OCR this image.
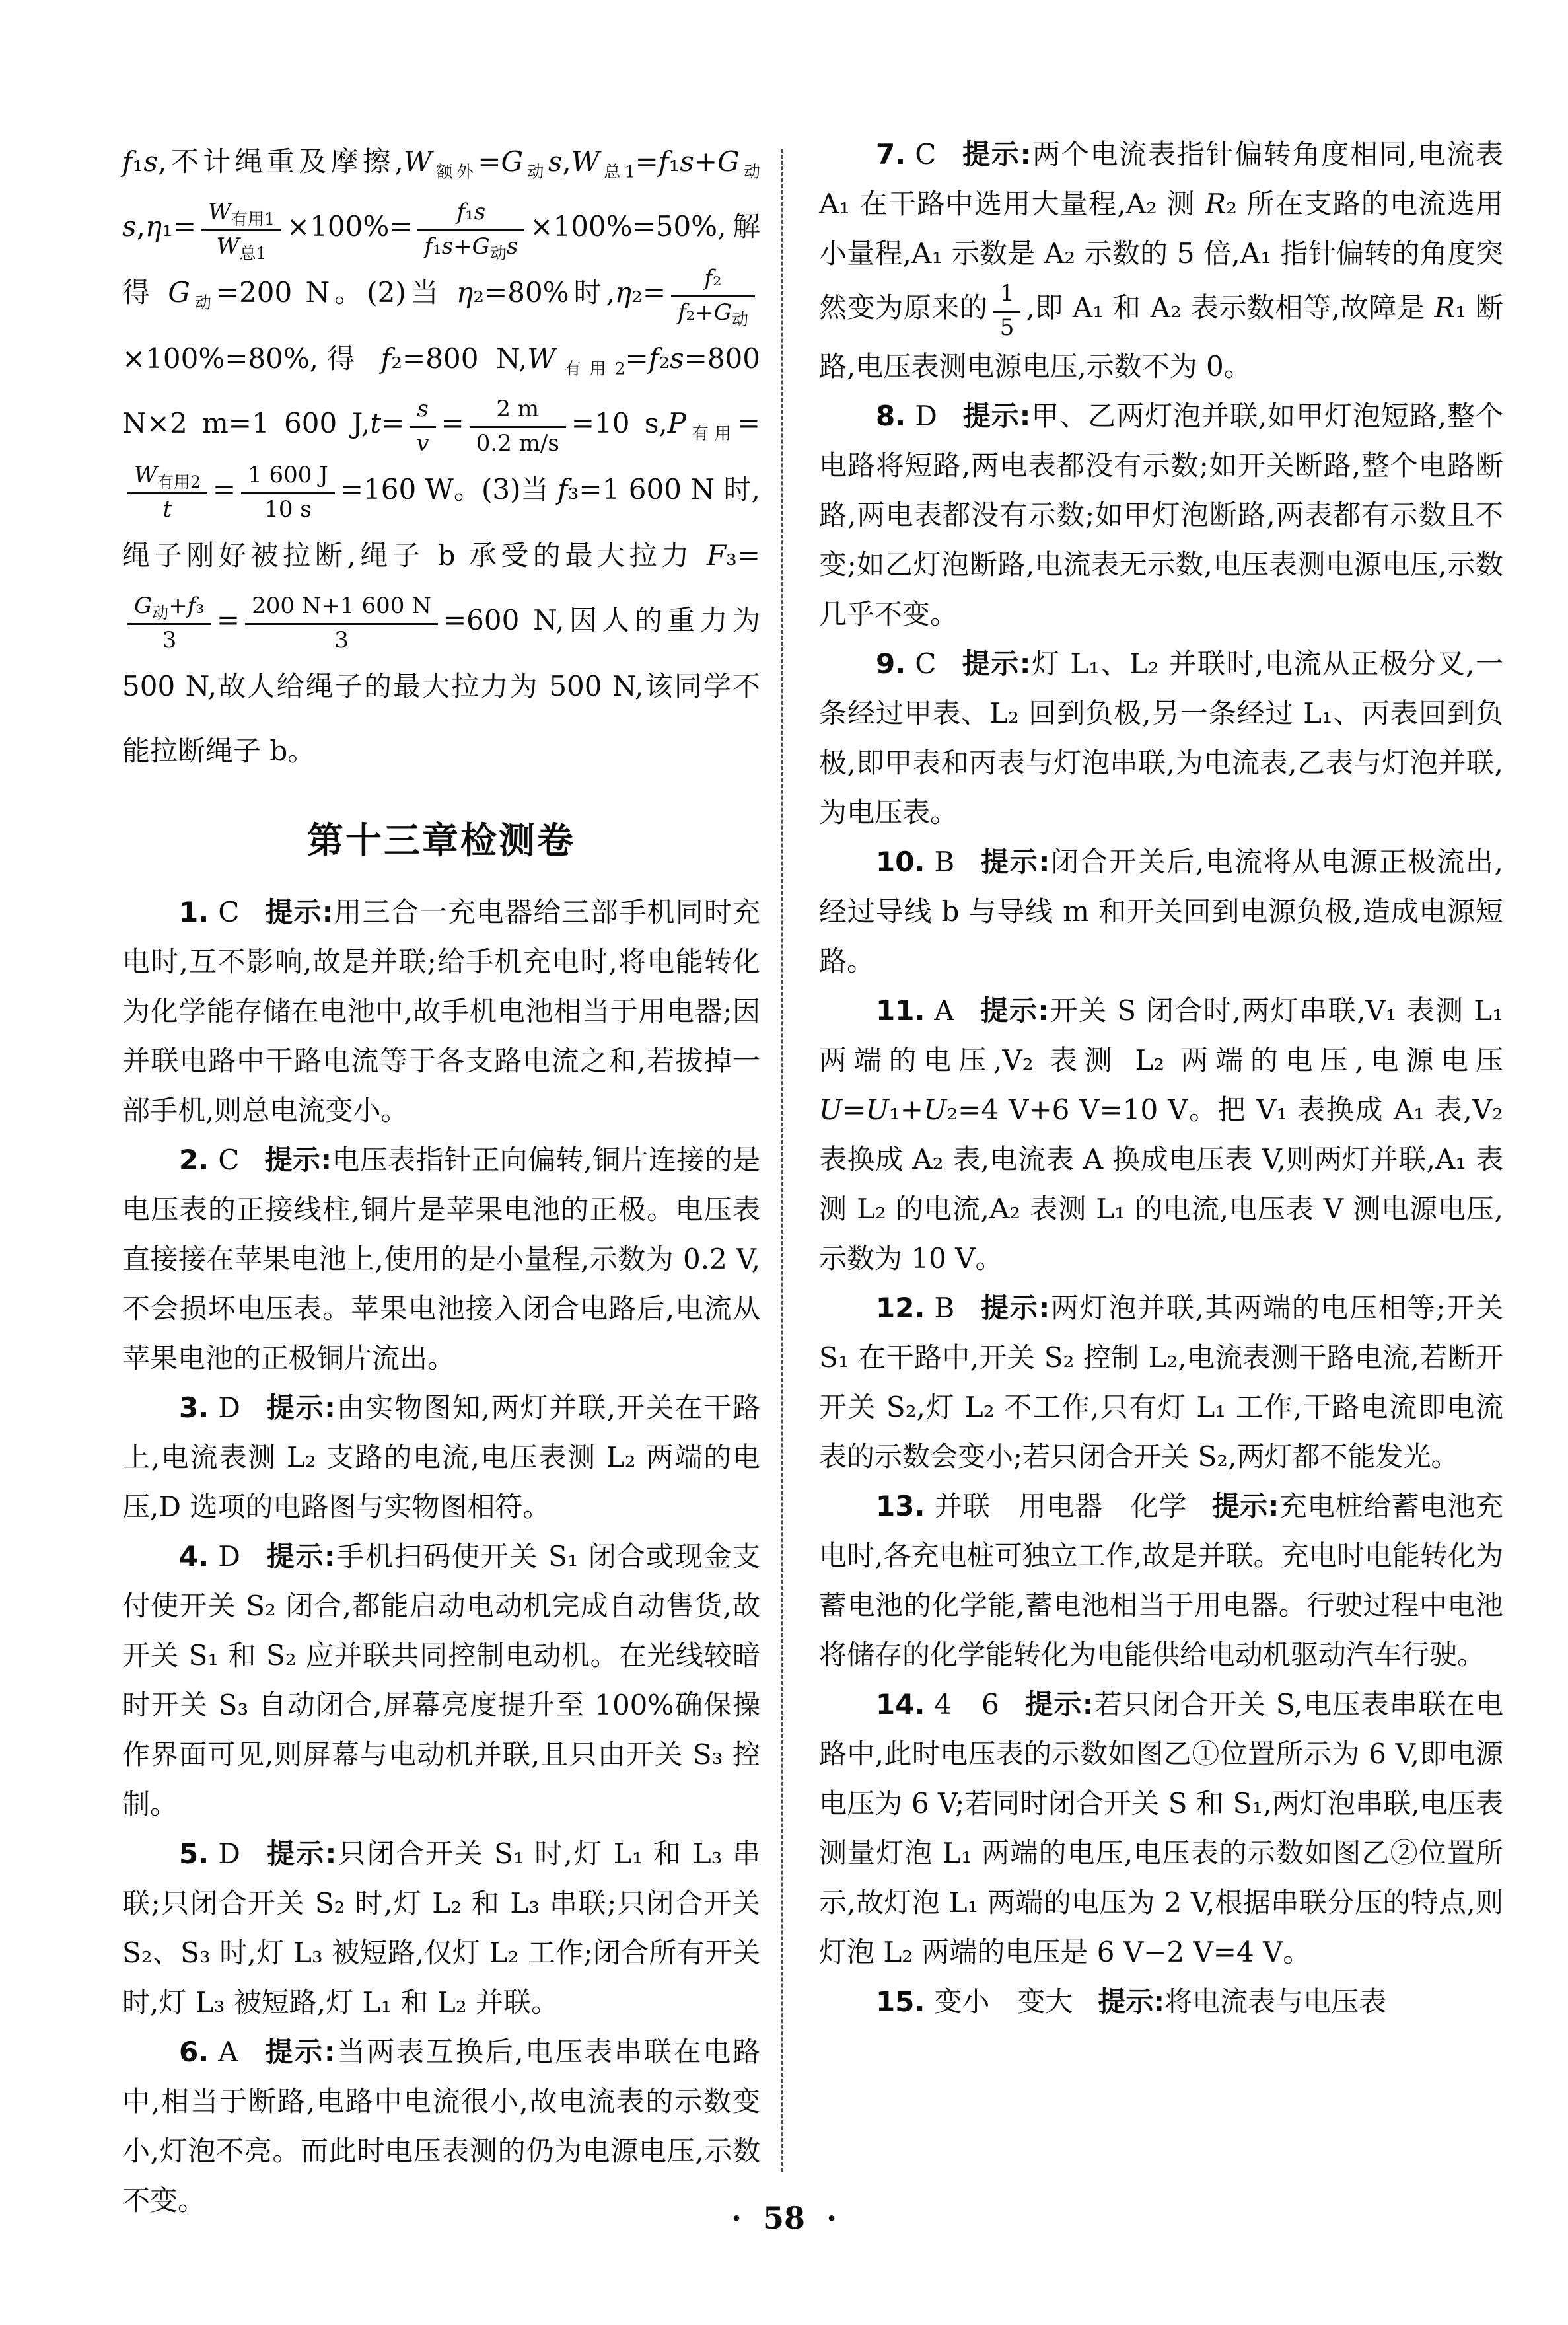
f₁s,不计绳重及摩擦$,W_{额外}=G_动s,W_{总1}=f_1s+G_动s,\eta_1= \frac{W_{有用1}}{W_{总1}} \times 100\%= \frac{\text{f₁s}}{f_1s+G_动s} \times 100\%=50\%$,解得 $G_动=200$ N。(2)当 η₂=80%时$,\eta_2= \frac{\text{f₂}}{f_2+G_动}$
×100%=80%,得 f₂=800 $N,W_{有用2}=f_2s=800$ N×2 m=1 600 $J,t= \frac{s}{v} = \frac{2 m}{0.2 m/s} =10$ $s,P_{有用}=$
$\frac{W_{有用2}}{t} = \frac{1 600 J}{10 s} =160$ W。(3)当 f₃=1 600 N 时,绳子刚好被拉断,绳子 b 承受的最大拉力 F₃=
$\frac{G_动+f_3}{3} = \frac{200 N+1 600 N}{3} =600$ N,因人的重力为 500 N,故人给绳子的最大拉力为 500 N,该同学不能拉断绳子 b。

第十三章检测卷

1. C 提示:用三合一充电器给三部手机同时充电时,互不影响,故是并联;给手机充电时,将电能转化为化学能存储在电池中,故手机电池相当于用电器;因并联电路中干路电流等于各支路电流之和,若拔掉一部手机,则总电流变小。

2. C 提示:电压表指针正向偏转,铜片连接的是电压表的正接线柱,铜片是苹果电池的正极。电压表直接接在苹果电池上,使用的是小量程,示数为 0.2 V,不会损坏电压表。苹果电池接入闭合电路后,电流从苹果电池的正极铜片流出。

3. D 提示:由实物图知,两灯并联,开关在干路上,电流表测 L₂ 支路的电流,电压表测 L₂ 两端的电压,D 选项的电路图与实物图相符。

4. D 提示:手机扫码使开关 S₁ 闭合或现金支付使开关 S₂ 闭合,都能启动电动机完成自动售货,故开关 S₁ 和 S₂ 应并联共同控制电动机。在光线较暗时开关 S₃ 自动闭合,屏幕亮度提升至 100%确保操作界面可见,则屏幕与电动机并联,且只由开关 S₃ 控制。

5. D 提示:只闭合开关 S₁ 时,灯 L₁ 和 L₃ 串联;只闭合开关 S₂ 时,灯 L₂ 和 L₃ 串联;只闭合开关 S₂、S₃ 时,灯 L₃ 被短路,仅灯 L₂ 工作;闭合所有开关时,灯 L₃ 被短路,灯 L₁ 和 L₂ 并联。

6. A 提示:当两表互换后,电压表串联在电路中,相当于断路,电路中电流很小,故电流表的示数变小,灯泡不亮。而此时电压表测的仍为电源电压,示数不变。

7. C 提示:两个电流表指针偏转角度相同,电流表 A₁ 在干路中选用大量程,A₂ 测 R₂ 所在支路的电流选用小量程,A₁ 示数是 A₂ 示数的 5 倍,A₁ 指针偏转的角度突然变为原来的 $\frac{1}{5}$ ,即 A₁ 和 A₂ 表示数相等,故障是 R₁ 断路,电压表测电源电压,示数不为 0。

8. D 提示:甲、乙两灯泡并联,如甲灯泡短路,整个电路将短路,两电表都没有示数;如开关断路,整个电路断路,两电表都没有示数;如甲灯泡断路,两表都有示数且不变;如乙灯泡断路,电流表无示数,电压表测电源电压,示数几乎不变。

9. C 提示:灯 L₁、L₂ 并联时,电流从正极分叉,一条经过甲表、L₂ 回到负极,另一条经过 L₁、丙表回到负极,即甲表和丙表与灯泡串联,为电流表,乙表与灯泡并联,为电压表。

10. B 提示:闭合开关后,电流将从电源正极流出,经过导线 b 与导线 m 和开关回到电源负极,造成电源短路。

11. A 提示:开关 S 闭合时,两灯串联,V₁ 表测 L₁ 两端的电压,V₂ 表测 L₂ 两端的电压,电源电压 U=U₁+U₂=4 V+6 V=10 V。把 V₁ 表换成 A₁ 表,V₂ 表换成 A₂ 表,电流表 A 换成电压表 V,则两灯并联,A₁ 表测 L₂ 的电流,A₂ 表测 L₁ 的电流,电压表 V 测电源电压,示数为 10 V。

12. B 提示:两灯泡并联,其两端的电压相等;开关 S₁ 在干路中,开关 S₂ 控制 L₂,电流表测干路电流,若断开开关 S₂,灯 L₂ 不工作,只有灯 L₁ 工作,干路电流即电流表的示数会变小;若只闭合开关 S₂,两灯都不能发光。

13. 并联　用电器　化学 提示:充电桩给蓄电池充电时,各充电桩可独立工作,故是并联。充电时电能转化为蓄电池的化学能,蓄电池相当于用电器。行驶过程中电池将储存的化学能转化为电能供给电动机驱动汽车行驶。

14. 4　6 提示:若只闭合开关 S,电压表串联在电路中,此时电压表的示数如图乙①位置所示为 6 V,即电源电压为 6 V;若同时闭合开关 S 和 S₁,两灯泡串联,电压表测量灯泡 L₁ 两端的电压,电压表的示数如图乙②位置所示,故灯泡 L₁ 两端的电压为 2 V,根据串联分压的特点,则灯泡 L₂ 两端的电压是 6 V−2 V=4 V。

15. 变小　变大 提示:将电流表与电压表

· 58 ·
